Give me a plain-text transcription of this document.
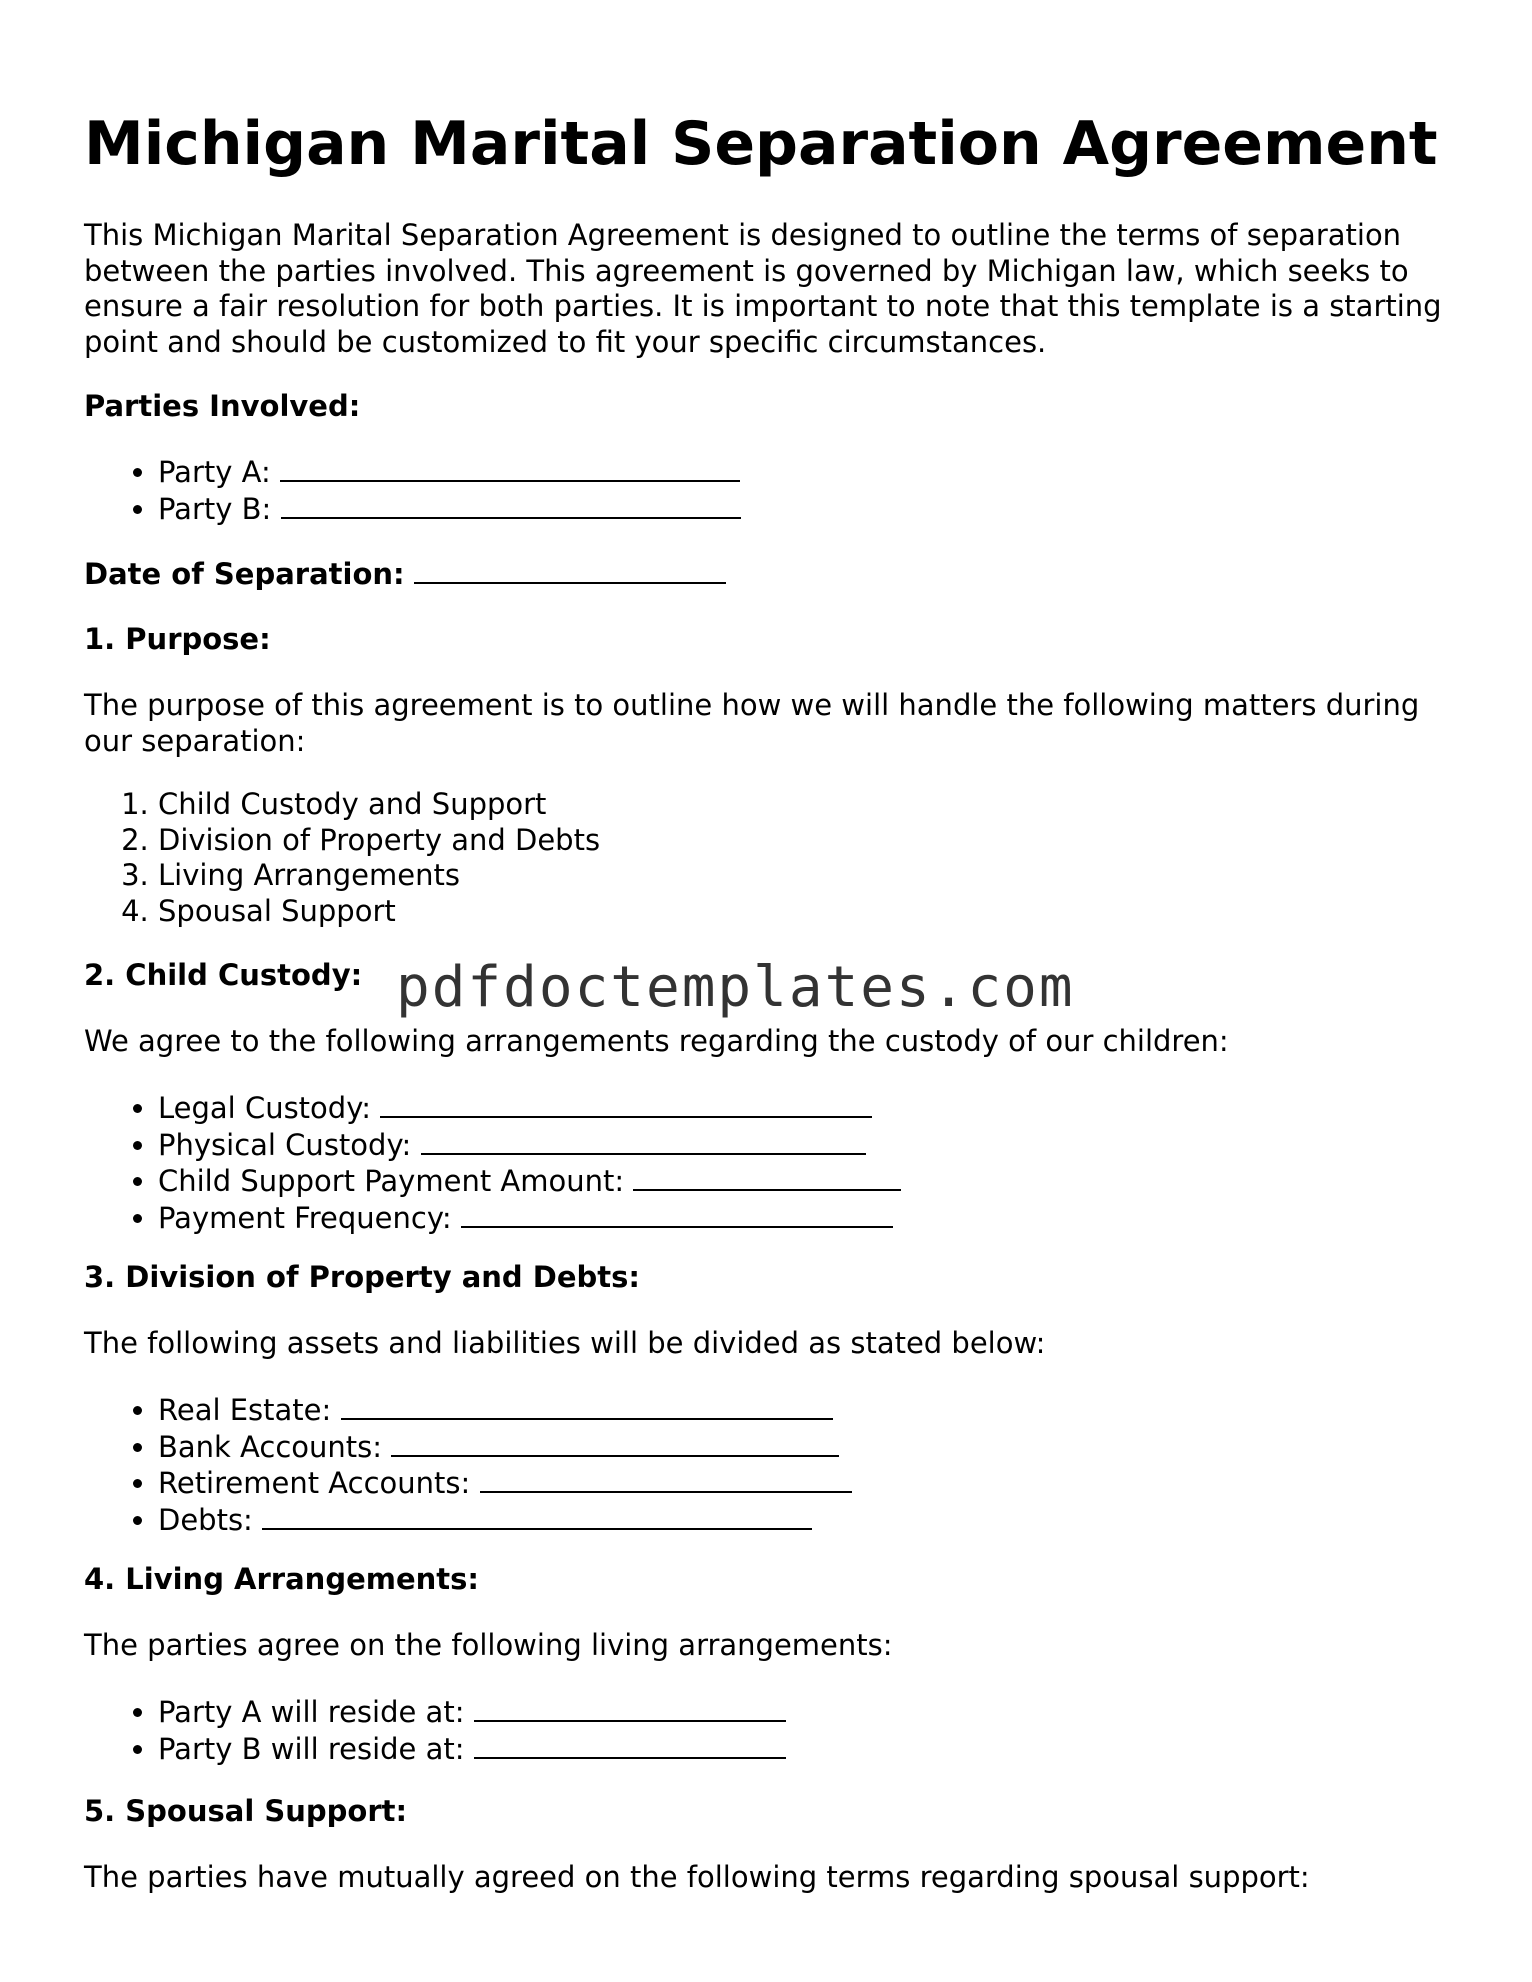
Michigan Marital Separation Agreement

This Michigan Marital Separation Agreement is designed to outline the terms of separation between the parties involved. This agreement is governed by Michigan law, which seeks to ensure a fair resolution for both parties. It is important to note that this template is a starting point and should be customized to fit your specific circumstances.

Parties Involved:
• Party A:
• Party B:
Date of Separation:
1. Purpose:

The purpose of this agreement is to outline how we will handle the following matters during our separation:

1. Child Custody and Support
2. Division of Property and Debts
3. Living Arrangements
4. Spousal Support
2. Child Custody:

We agree to the following arrangements regarding the custody of our children:

• Legal Custody:
• Physical Custody:
• Child Support Payment Amount:
• Payment Frequency:
3. Division of Property and Debts:

The following assets and liabilities will be divided as stated below:

• Real Estate:
• Bank Accounts:
• Retirement Accounts:
• Debts:
4. Living Arrangements:

The parties agree on the following living arrangements:

• Party A will reside at:
• Party B will reside at:
5. Spousal Support:

The parties have mutually agreed on the following terms regarding spousal support:

pdfdoctemplates.com
